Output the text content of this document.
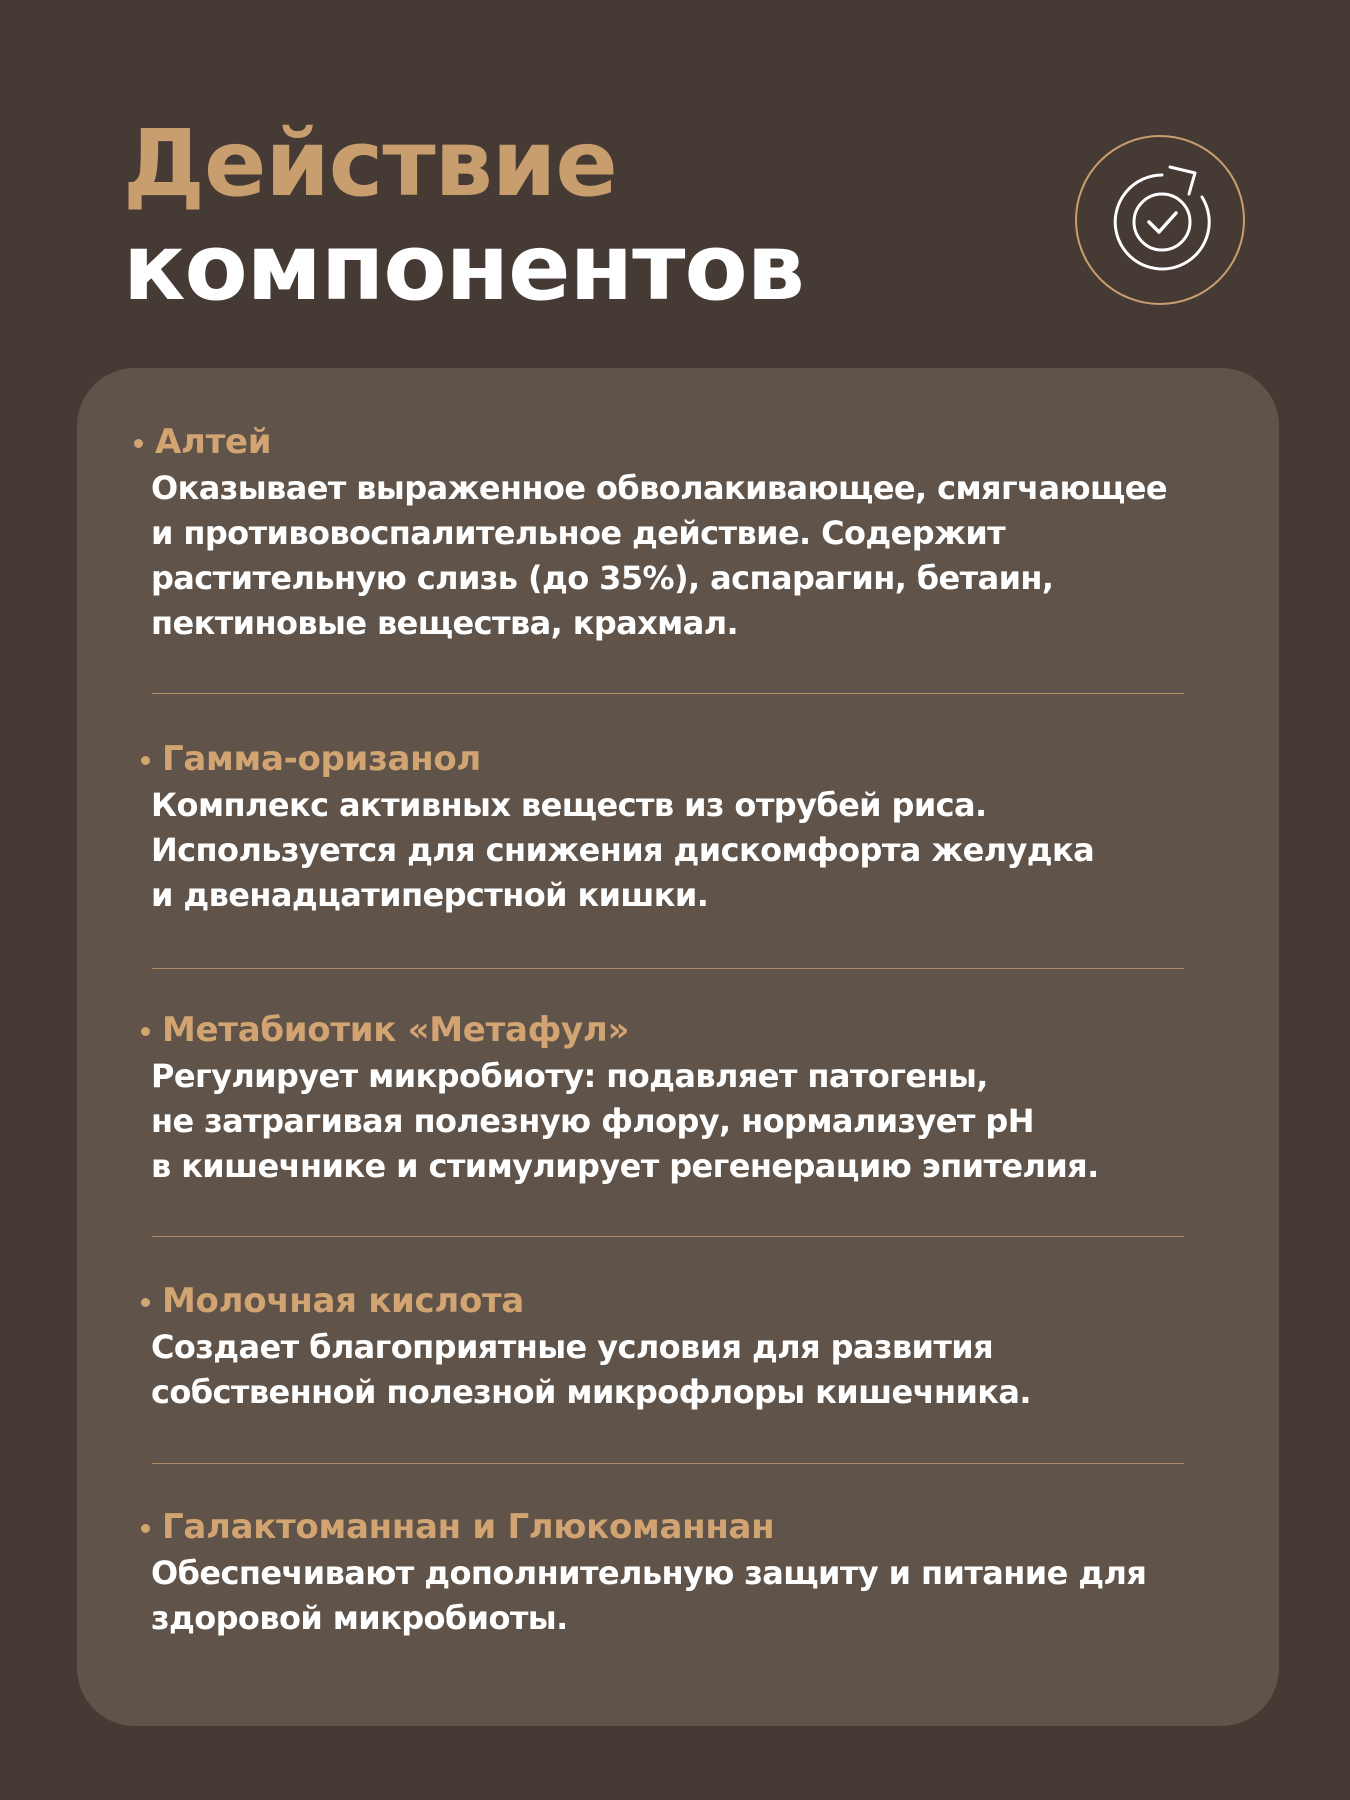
Действие
компонентов
Алтей

Оказывает выраженное обволакивающее, смягчающее
и противовоспалительное действие. Содержит
растительную слизь (до 35%), аспарагин, бетаин,
пектиновые вещества, крахмал.

Гамма-оризанол

Комплекс активных веществ из отрубей риса.
Используется для снижения дискомфорта желудка
и двенадцатиперстной кишки.

Метабиотик «Метафул»

Регулирует микробиоту: подавляет патогены,
не затрагивая полезную флору, нормализует pH
в кишечнике и стимулирует регенерацию эпителия.

Молочная кислота

Создает благоприятные условия для развития
собственной полезной микрофлоры кишечника.

Галактоманнан и Глюкоманнан

Обеспечивают дополнительную защиту и питание для
здоровой микробиоты.
